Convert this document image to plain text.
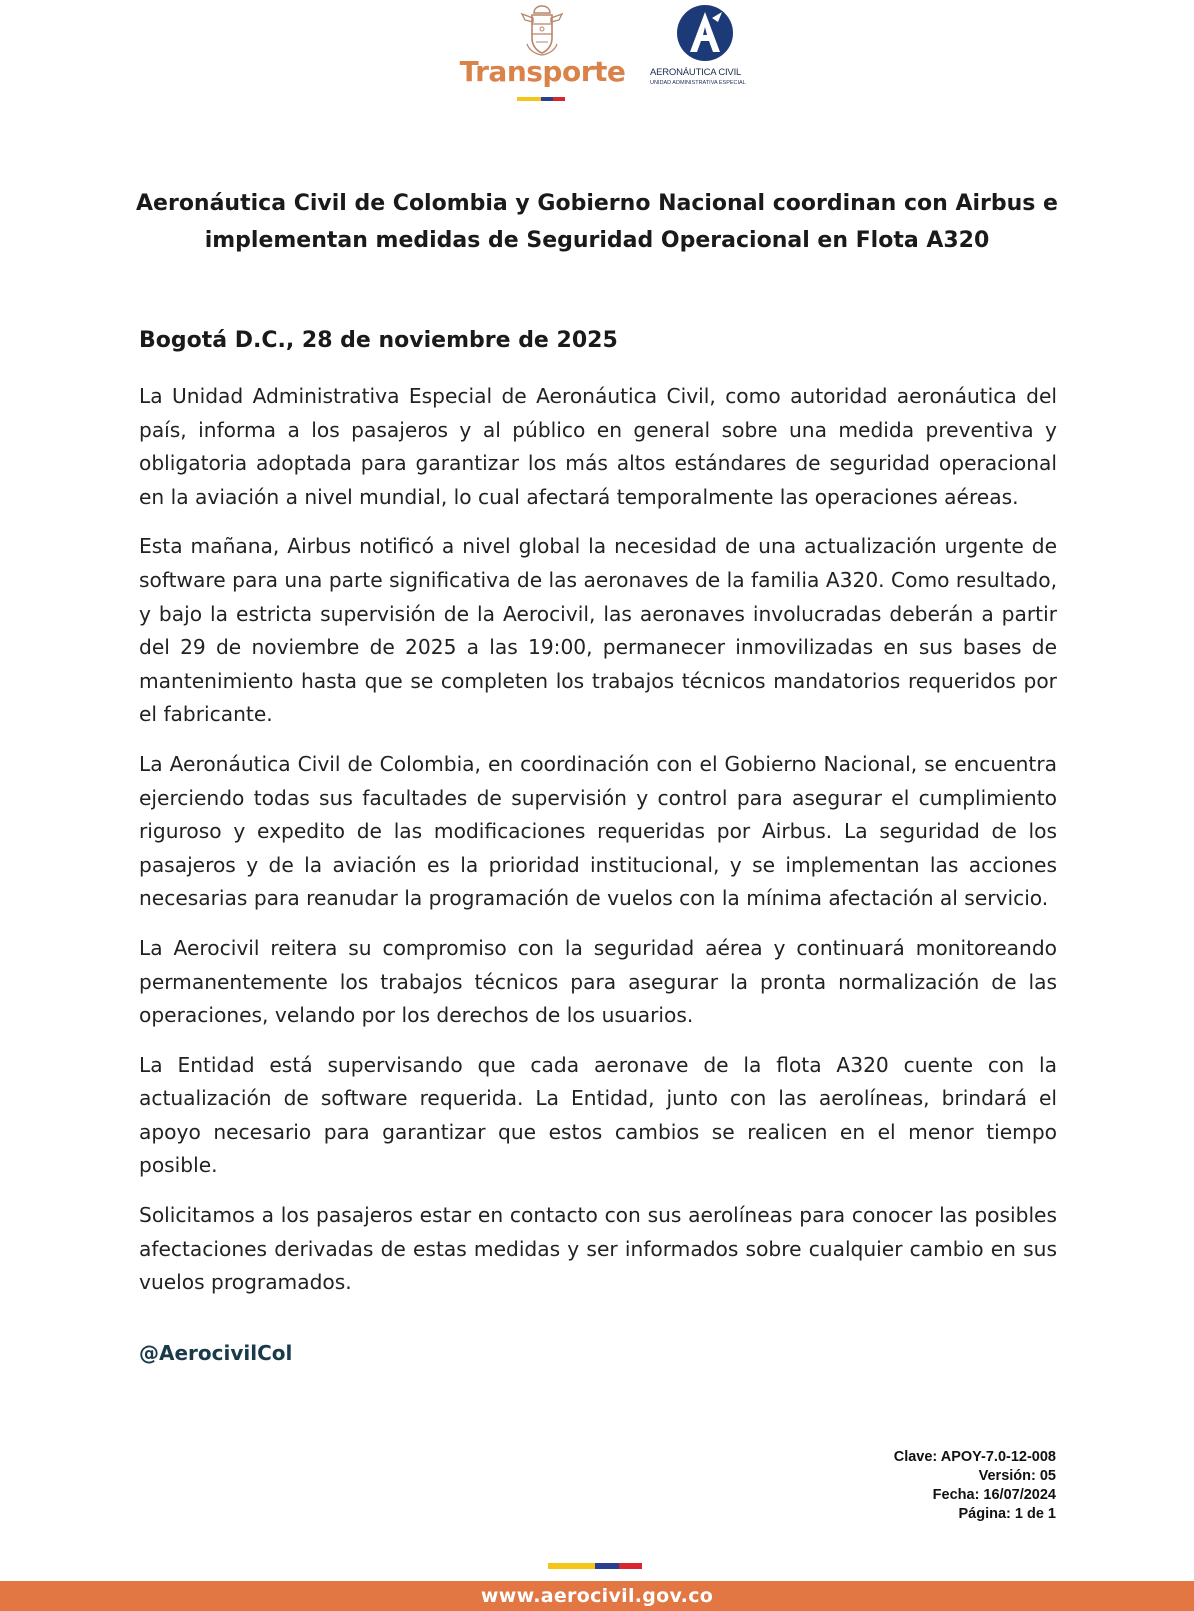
Transporte	AERONÁUTICA CIVIL
UNIDAD ADMINISTRATIVA ESPECIAL
Aeronáutica Civil de Colombia y Gobierno Nacional coordinan con Airbus e implementan medidas de Seguridad Operacional en Flota A320
Bogotá D.C., 28 de noviembre de 2025

La Unidad Administrativa Especial de Aeronáutica Civil, como autoridad aeronáutica del país, informa a los pasajeros y al público en general sobre una medida preventiva y obligatoria adoptada para garantizar los más altos estándares de seguridad operacional en la aviación a nivel mundial, lo cual afectará temporalmente las operaciones aéreas.

Esta mañana, Airbus notificó a nivel global la necesidad de una actualización urgente de software para una parte significativa de las aeronaves de la familia A320. Como resultado, y bajo la estricta supervisión de la Aerocivil, las aeronaves involucradas deberán a partir del 29 de noviembre de 2025 a las 19:00, permanecer inmovilizadas en sus bases de mantenimiento hasta que se completen los trabajos técnicos mandatorios requeridos por el fabricante.

La Aeronáutica Civil de Colombia, en coordinación con el Gobierno Nacional, se encuentra ejerciendo todas sus facultades de supervisión y control para asegurar el cumplimiento riguroso y expedito de las modificaciones requeridas por Airbus. La seguridad de los pasajeros y de la aviación es la prioridad institucional, y se implementan las acciones necesarias para reanudar la programación de vuelos con la mínima afectación al servicio.

La Aerocivil reitera su compromiso con la seguridad aérea y continuará monitoreando permanentemente los trabajos técnicos para asegurar la pronta normalización de las operaciones, velando por los derechos de los usuarios.

La Entidad está supervisando que cada aeronave de la flota A320 cuente con la actualización de software requerida. La Entidad, junto con las aerolíneas, brindará el apoyo necesario para garantizar que estos cambios se realicen en el menor tiempo posible.

Solicitamos a los pasajeros estar en contacto con sus aerolíneas para conocer las posibles afectaciones derivadas de estas medidas y ser informados sobre cualquier cambio en sus vuelos programados.

@AerocivilCol
Clave: APOY-7.0-12-008
Versión: 05
Fecha: 16/07/2024
Página: 1 de 1
www.aerocivil.gov.co
